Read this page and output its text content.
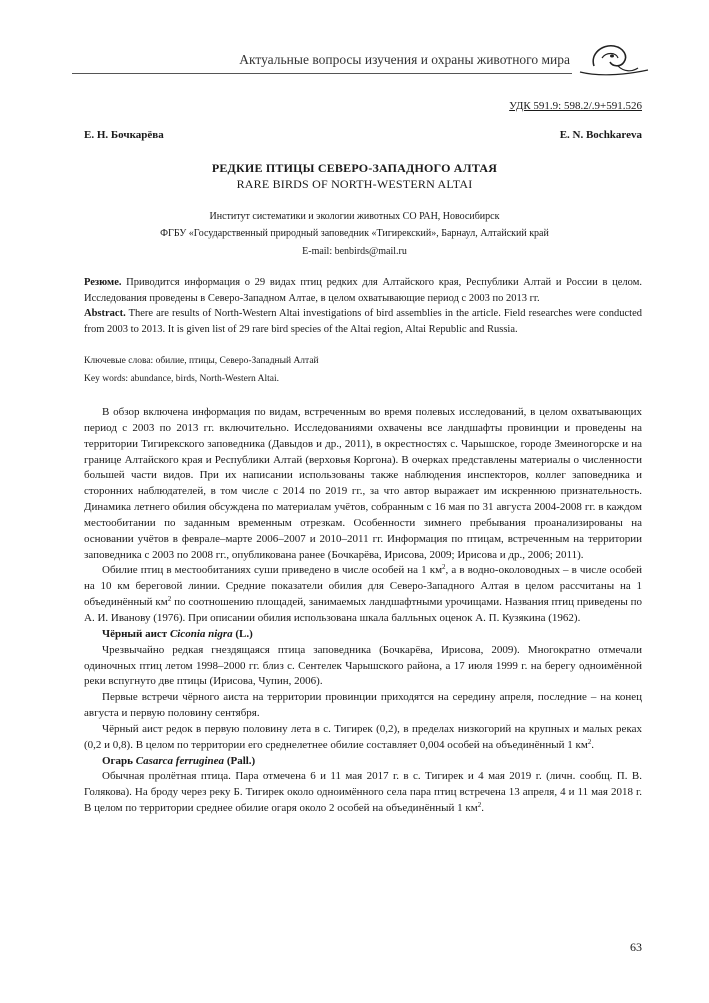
Актуальные вопросы изучения и охраны животного мира
УДК 591.9: 598.2/.9+591.526
Е. Н. Бочкарёва	E. N. Bochkareva
РЕДКИЕ ПТИЦЫ СЕВЕРО-ЗАПАДНОГО АЛТАЯ
RARE BIRDS OF NORTH-WESTERN ALTAI
Институт систематики и экологии животных СО РАН, Новосибирск
ФГБУ «Государственный природный заповедник «Тигирекский», Барнаул, Алтайский край
E-mail: benbirds@mail.ru

Резюме. Приводится информация о 29 видах птиц редких для Алтайского края, Республики Алтай и России в целом. Исследования проведены в Северо-Западном Алтае, в целом охватывающие период с 2003 по 2013 гг.

Abstract. There are results of North-Western Altai investigations of bird assemblies in the article. Field researches were conducted from 2003 to 2013. It is given list of 29 rare bird species of the Altai region, Altai Republic and Russia.

Ключевые слова: обилие, птицы, Северо-Западный Алтай
Key words: abundance, birds, North-Western Altai.

В обзор включена информация по видам, встреченным во время полевых исследований, в целом охватывающих период с 2003 по 2013 гг. включительно. Исследованиями охвачены все ландшафты провинции и проведены на территории Тигирекского заповедника (Давыдов и др., 2011), в окрестностях с. Чарышское, городе Змеиногорске и на границе Алтайского края и Республики Алтай (верховья Коргона). В очерках представлены материалы о численности большей части видов. При их написании использованы также наблюдения инспекторов, коллег заповедника и сторонних наблюдателей, в том числе с 2014 по 2019 гг., за что автор выражает им искреннюю признательность. Динамика летнего обилия обсуждена по материалам учётов, собранным с 16 мая по 31 августа 2004-2008 гг. в каждом местообитании по заданным временным отрезкам. Особенности зимнего пребывания проанализированы на основании учётов в феврале–марте 2006–2007 и 2010–2011 гг. Информация по птицам, встреченным на территории заповедника с 2003 по 2008 гг., опубликована ранее (Бочкарёва, Ирисова, 2009; Ирисова и др., 2006; 2011).

Обилие птиц в местообитаниях суши приведено в числе особей на 1 $км^2$, а в водно-околоводных – в числе особей на 10 км береговой линии. Средние показатели обилия для Северо-Западного Алтая в целом рассчитаны на 1 объединённый $км^2$ по соотношению площадей, занимаемых ландшафтными урочищами. Названия птиц приведены по А. И. Иванову (1976). При описании обилия использована шкала балльных оценок А. П. Кузякина (1962).

Чёрный аист Ciconia nigra (L.)

Чрезвычайно редкая гнездящаяся птица заповедника (Бочкарёва, Ирисова, 2009). Многократно отмечали одиночных птиц летом 1998–2000 гг. близ с. Сентелек Чарышского района, а 17 июля 1999 г. на берегу одноимённой реки вспугнуто две птицы (Ирисова, Чупин, 2006).

Первые встречи чёрного аиста на территории провинции приходятся на середину апреля, последние – на конец августа и первую половину сентября.

Чёрный аист редок в первую половину лета в с. Тигирек (0,2), в пределах низкогорий на крупных и малых реках (0,2 и 0,8). В целом по территории его среднелетнее обилие составляет 0,004 особей на объединённый 1 $км^2$.

Огарь Casarca ferruginea (Pall.)

Обычная пролётная птица. Пара отмечена 6 и 11 мая 2017 г. в с. Тигирек и 4 мая 2019 г. (личн. сообщ. П. В. Голякова). На броду через реку Б. Тигирек около одноимённого села пара птиц встречена 13 апреля, 4 и 11 мая 2018 г. В целом по территории среднее обилие огаря около 2 особей на объединённый 1 $км^2$.

63
